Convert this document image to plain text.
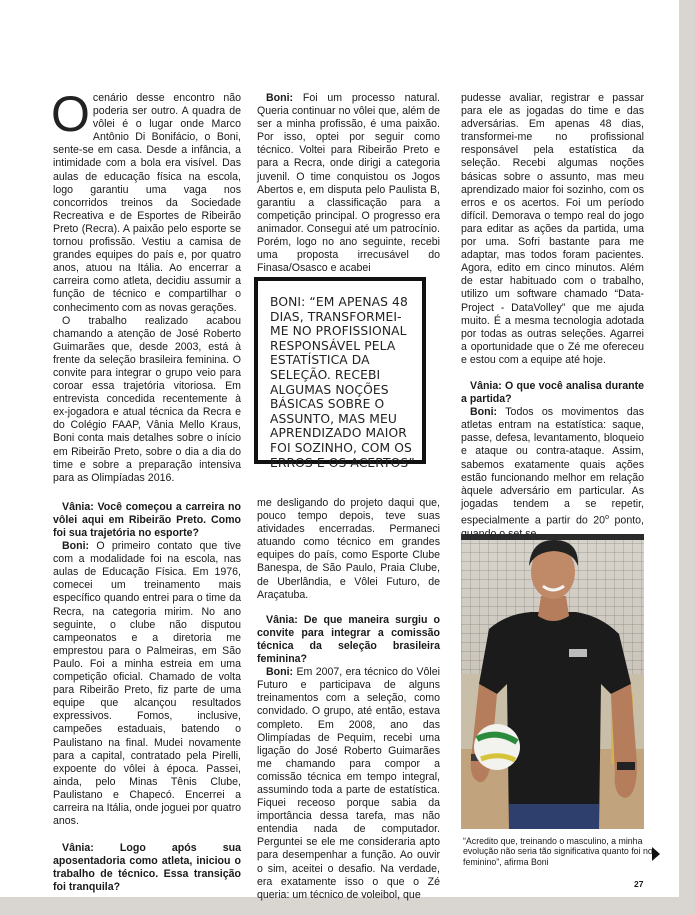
Ocenário desse encontro não poderia ser outro. A quadra de vôlei é o lugar onde Marco Antônio Di Bonifácio, o Boni, sente-se em casa. Desde a infância, a intimidade com a bola era visível. Das aulas de educação física na escola, logo garantiu uma vaga nos concorridos treinos da Sociedade Recreativa e de Esportes de Ribeirão Preto (Recra). A paixão pelo esporte se tornou profissão. Vestiu a camisa de grandes equipes do país e, por quatro anos, atuou na Itália. Ao encerrar a carreira como atleta, decidiu assumir a função de técnico e compartilhar o conhecimento com as novas gerações.

O trabalho realizado acabou chamando a atenção de José Roberto Guimarães que, desde 2003, está à frente da seleção brasileira feminina. O convite para integrar o grupo veio para coroar essa trajetória vitoriosa. Em entrevista concedida recentemente à ex-jogadora e atual técnica da Recra e do Colégio FAAP, Vânia Mello Kraus, Boni conta mais detalhes sobre o início em Ribeirão Preto, sobre o dia a dia do time e sobre a preparação intensiva para as Olimpíadas 2016.

Vânia: Você começou a carreira no vôlei aqui em Ribeirão Preto. Como foi sua trajetória no esporte?

Boni: O primeiro contato que tive com a modalidade foi na escola, nas aulas de Educação Física. Em 1976, comecei um treinamento mais específico quando entrei para o time da Recra, na categoria mirim. No ano seguinte, o clube não disputou campeonatos e a diretoria me emprestou para o Palmeiras, em São Paulo. Foi a minha estreia em uma competição oficial. Chamado de volta para Ribeirão Preto, fiz parte de uma equipe que alcançou resultados expressivos. Fomos, inclusive, campeões estaduais, batendo o Paulistano na final. Mudei novamente para a capital, contratado pela Pirelli, expoente do vôlei à época. Passei, ainda, pelo Minas Tênis Clube, Paulistano e Chapecó. Encerrei a carreira na Itália, onde joguei por quatro anos.

Vânia: Logo após sua aposentadoria como atleta, iniciou o trabalho de técnico. Essa transição foi tranquila?

Boni: Foi um processo natural. Queria continuar no vôlei que, além de ser a minha profissão, é uma paixão. Por isso, optei por seguir como técnico. Voltei para Ribeirão Preto e para a Recra, onde dirigi a categoria juvenil. O time conquistou os Jogos Abertos e, em disputa pelo Paulista B, garantiu a classificação para a competição principal. O progresso era animador. Consegui até um patrocínio. Porém, logo no ano seguinte, recebi uma proposta irrecusável do Finasa/Osasco e acabei

BONI: “EM APENAS 48 DIAS, TRANSFORMEI-ME NO PROFISSIONAL RESPONSÁVEL PELA ESTATÍSTICA DA SELEÇÃO. RECEBI ALGUMAS NOÇÕES BÁSICAS SOBRE O ASSUNTO, MAS MEU APRENDIZADO MAIOR FOI SOZINHO, COM OS ERROS E OS ACERTOS”

me desligando do projeto daqui que, pouco tempo depois, teve suas atividades encerradas. Permaneci atuando como técnico em grandes equipes do país, como Esporte Clube Banespa, de São Paulo, Praia Clube, de Uberlândia, e Vôlei Futuro, de Araçatuba.

Vânia: De que maneira surgiu o convite para integrar a comissão técnica da seleção brasileira feminina?

Boni: Em 2007, era técnico do Vôlei Futuro e participava de alguns treinamentos com a seleção, como convidado. O grupo, até então, estava completo. Em 2008, ano das Olimpíadas de Pequim, recebi uma ligação do José Roberto Guimarães me chamando para compor a comissão técnica em tempo integral, assumindo toda a parte de estatística. Fiquei receoso porque sabia da importância dessa tarefa, mas não entendia nada de computador. Perguntei se ele me consideraria apto para desempenhar a função. Ao ouvir o sim, aceitei o desafio. Na verdade, era exatamente isso o que o Zé queria: um técnico de voleibol, que

pudesse avaliar, registrar e passar para ele as jogadas do time e das adversárias. Em apenas 48 dias, transformei-me no profissional responsável pela estatística da seleção. Recebi algumas noções básicas sobre o assunto, mas meu aprendizado maior foi sozinho, com os erros e os acertos. Foi um período difícil. Demorava o tempo real do jogo para editar as ações da partida, uma por uma. Sofri bastante para me adaptar, mas todos foram pacientes. Agora, edito em cinco minutos. Além de estar habituado com o trabalho, utilizo um software chamado “Data-Project - DataVolley” que me ajuda muito. É a mesma tecnologia adotada por todas as outras seleções. Agarrei a oportunidade que o Zé me ofereceu e estou com a equipe até hoje.

Vânia: O que você analisa durante a partida?

Boni: Todos os movimentos das atletas entram na estatística: saque, passe, defesa, levantamento, bloqueio e ataque ou contra-ataque. Assim, sabemos exatamente quais ações estão funcionando melhor em relação àquele adversário em particular. As jogadas tendem a se repetir, especialmente a partir do 20$^o$ ponto,

“Acredito que, treinando o masculino, a minha evolução não seria tão significativa quanto foi no feminino”, afirma Boni
27
